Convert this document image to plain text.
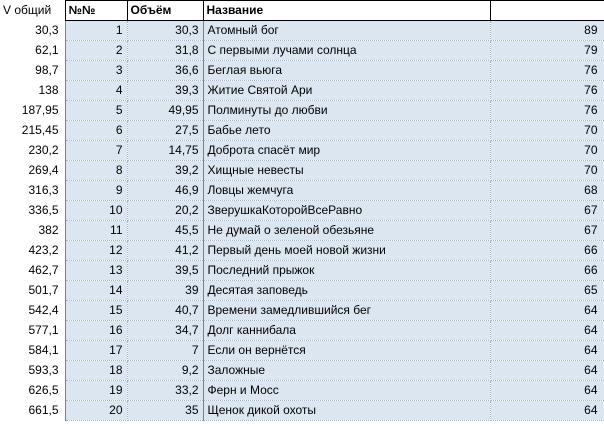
V общий	№№	Объём	Название	
30,3	1	30,3	Атомный бог	89
62,1	2	31,8	С первыми лучами солнца	79
98,7	3	36,6	Беглая вьюга	76
138	4	39,3	Житие Святой Ари	76
187,95	5	49,95	Полминуты до любви	76
215,45	6	27,5	Бабье лето	70
230,2	7	14,75	Доброта спасёт мир	70
269,4	8	39,2	Хищные невесты	70
316,3	9	46,9	Ловцы жемчуга	68
336,5	10	20,2	ЗверушкаКоторойВсеРавно	67
382	11	45,5	Не думай о зеленой обезьяне	67
423,2	12	41,2	Первый день моей новой жизни	66
462,7	13	39,5	Последний прыжок	66
501,7	14	39	Десятая заповедь	65
542,4	15	40,7	Времени замедлившийся бег	64
577,1	16	34,7	Долг каннибала	64
584,1	17	7	Если он вернётся	64
593,3	18	9,2	Заложные	64
626,5	19	33,2	Ферн и Мосс	64
661,5	20	35	Щенок дикой охоты	64
